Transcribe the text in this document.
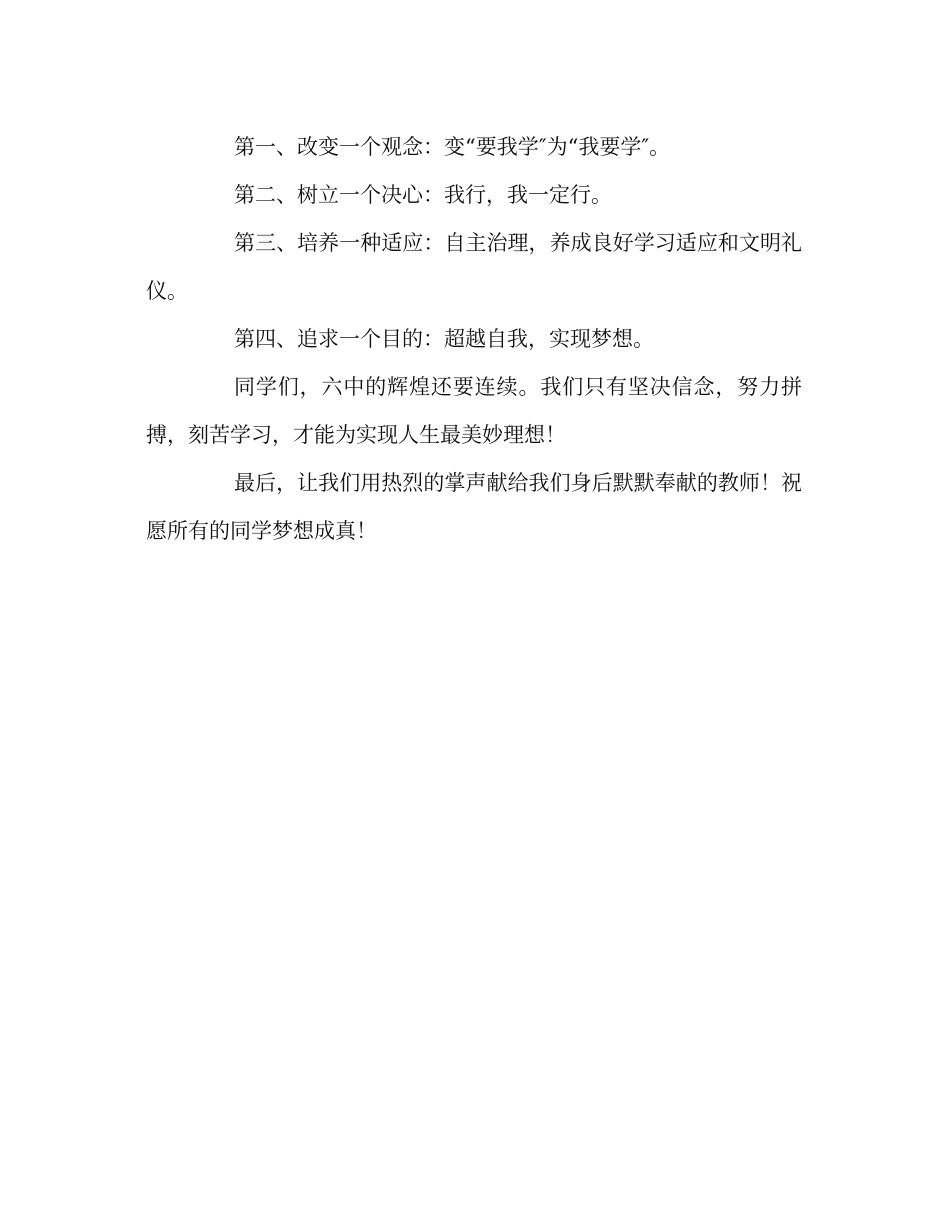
第一、改变一个观念：变“要我学″为“我要学″。

第二、树立一个决心：我行，我一定行。

第三、培养一种适应：自主治理，养成良好学习适应和文明礼仪。

第四、追求一个目的：超越自我，实现梦想。

同学们，六中的辉煌还要连续。我们只有坚决信念，努力拼搏，刻苦学习，才能为实现人生最美妙理想！

最后，让我们用热烈的掌声献给我们身后默默奉献的教师！祝愿所有的同学梦想成真！
